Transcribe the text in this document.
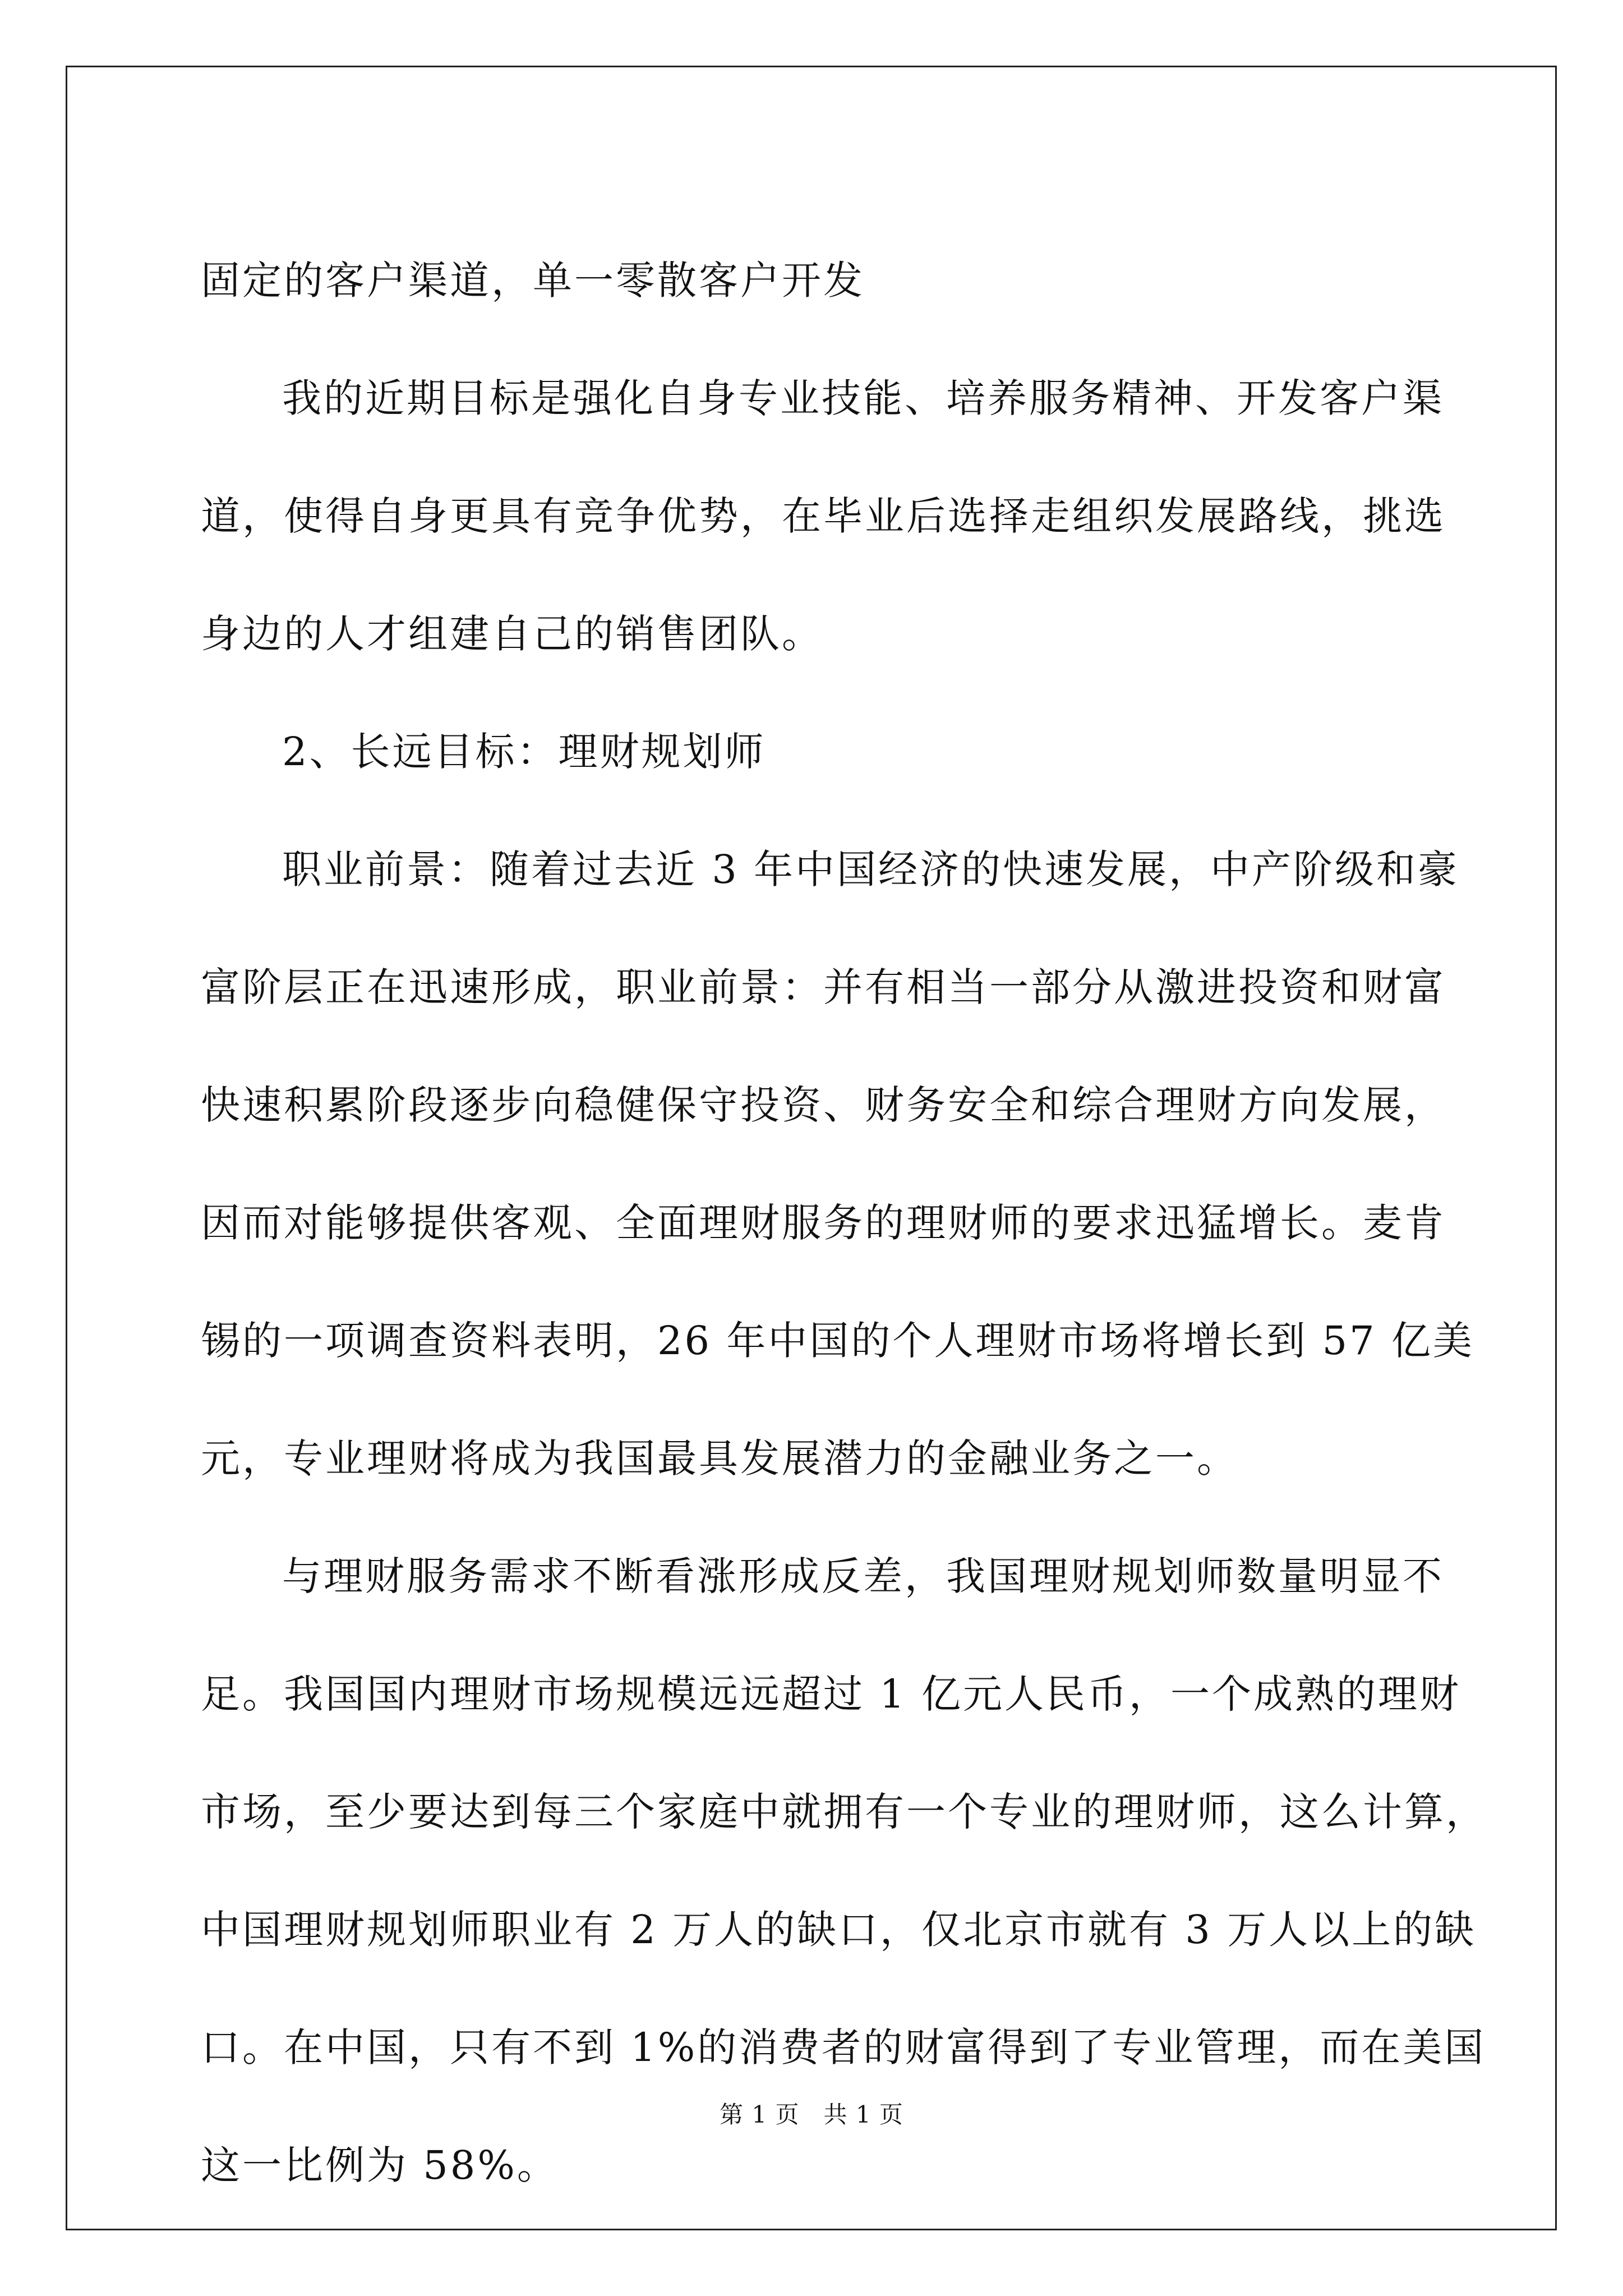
固定的客户渠道，单一零散客户开发
我的近期目标是强化自身专业技能、培养服务精神、开发客户渠
道，使得自身更具有竞争优势，在毕业后选择走组织发展路线，挑选
身边的人才组建自己的销售团队。
2、长远目标：理财规划师
职业前景：随着过去近 3 年中国经济的快速发展，中产阶级和豪
富阶层正在迅速形成，职业前景：并有相当一部分从激进投资和财富
快速积累阶段逐步向稳健保守投资、财务安全和综合理财方向发展，
因而对能够提供客观、全面理财服务的理财师的要求迅猛增长。麦肯
锡的一项调查资料表明，26 年中国的个人理财市场将增长到 57 亿美
元，专业理财将成为我国最具发展潜力的金融业务之一。
与理财服务需求不断看涨形成反差，我国理财规划师数量明显不
足。我国国内理财市场规模远远超过 1 亿元人民币，一个成熟的理财
市场，至少要达到每三个家庭中就拥有一个专业的理财师，这么计算，
中国理财规划师职业有 2 万人的缺口，仅北京市就有 3 万人以上的缺
口。在中国，只有不到 1%的消费者的财富得到了专业管理，而在美国
这一比例为 58%。
第 1 页　共 1 页
